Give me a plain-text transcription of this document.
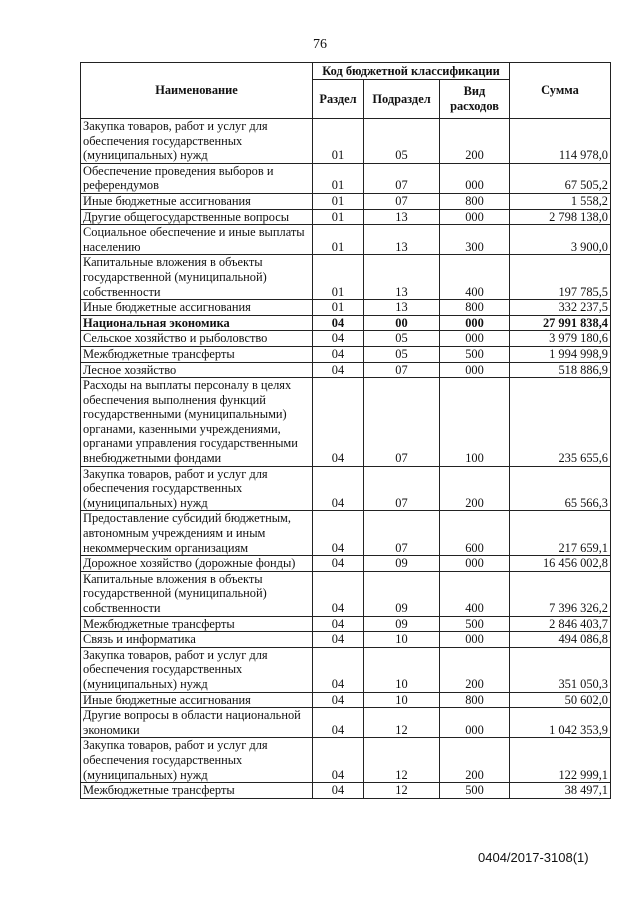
76
Наименование	Код бюджетной классификации			Сумма
	Раздел	Подраздел	Вид расходов	
Закупка товаров, работ и услуг для обеспечения государственных (муниципальных) нужд	01	05	200	114 978,0
Обеспечение проведения выборов и референдумов	01	07	000	67 505,2
Иные бюджетные ассигнования	01	07	800	1 558,2
Другие общегосударственные вопросы	01	13	000	2 798 138,0
Социальное обеспечение и иные выплаты населению	01	13	300	3 900,0
Капитальные вложения в объекты государственной (муниципальной) собственности	01	13	400	197 785,5
Иные бюджетные ассигнования	01	13	800	332 237,5
Национальная экономика	04	00	000	27 991 838,4
Сельское хозяйство и рыболовство	04	05	000	3 979 180,6
Межбюджетные трансферты	04	05	500	1 994 998,9
Лесное хозяйство	04	07	000	518 886,9
Расходы на выплаты персоналу в целях обеспечения выполнения функций государственными (муниципальными) органами, казенными учреждениями, органами управления государственными внебюджетными фондами	04	07	100	235 655,6
Закупка товаров, работ и услуг для обеспечения государственных (муниципальных) нужд	04	07	200	65 566,3
Предоставление субсидий бюджетным, автономным учреждениям и иным некоммерческим организациям	04	07	600	217 659,1
Дорожное хозяйство (дорожные фонды)	04	09	000	16 456 002,8
Капитальные вложения в объекты государственной (муниципальной) собственности	04	09	400	7 396 326,2
Межбюджетные трансферты	04	09	500	2 846 403,7
Связь и информатика	04	10	000	494 086,8
Закупка товаров, работ и услуг для обеспечения государственных (муниципальных) нужд	04	10	200	351 050,3
Иные бюджетные ассигнования	04	10	800	50 602,0
Другие вопросы в области национальной экономики	04	12	000	1 042 353,9
Закупка товаров, работ и услуг для обеспечения государственных (муниципальных) нужд	04	12	200	122 999,1
Межбюджетные трансферты	04	12	500	38 497,1
0404/2017-3108(1)
